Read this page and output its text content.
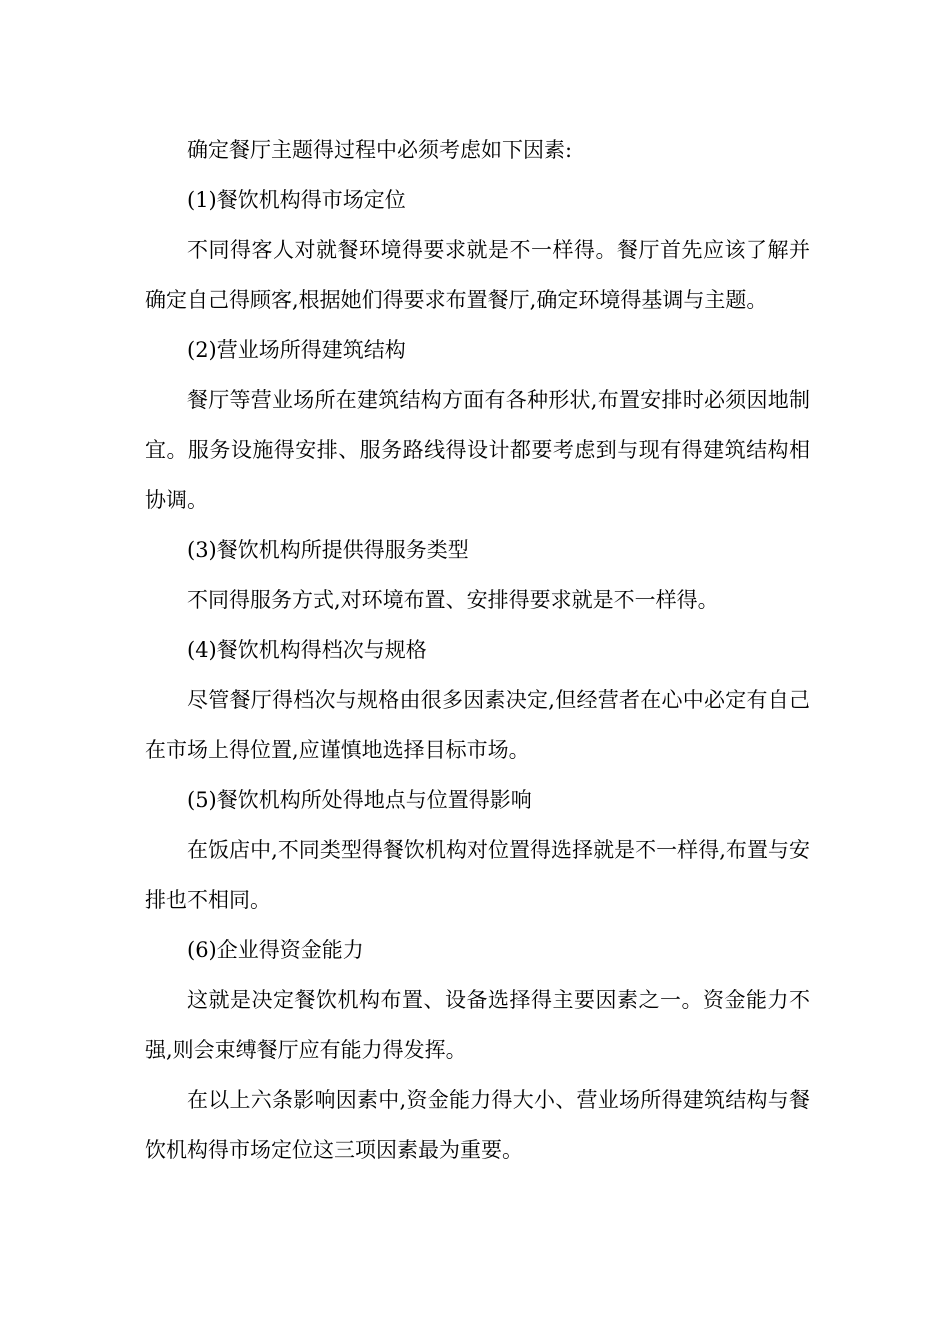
确定餐厅主题得过程中必须考虑如下因素:

(1)餐饮机构得市场定位

不同得客人对就餐环境得要求就是不一样得。餐厅首先应该了解并确定自己得顾客,根据她们得要求布置餐厅,确定环境得基调与主题。

(2)营业场所得建筑结构

餐厅等营业场所在建筑结构方面有各种形状,布置安排时必须因地制宜。服务设施得安排、服务路线得设计都要考虑到与现有得建筑结构相协调。

(3)餐饮机构所提供得服务类型

不同得服务方式,对环境布置、安排得要求就是不一样得。

(4)餐饮机构得档次与规格

尽管餐厅得档次与规格由很多因素决定,但经营者在心中必定有自己在市场上得位置,应谨慎地选择目标市场。

(5)餐饮机构所处得地点与位置得影响

在饭店中,不同类型得餐饮机构对位置得选择就是不一样得,布置与安排也不相同。

(6)企业得资金能力

这就是决定餐饮机构布置、设备选择得主要因素之一。资金能力不强,则会束缚餐厅应有能力得发挥。

在以上六条影响因素中,资金能力得大小、营业场所得建筑结构与餐饮机构得市场定位这三项因素最为重要。
